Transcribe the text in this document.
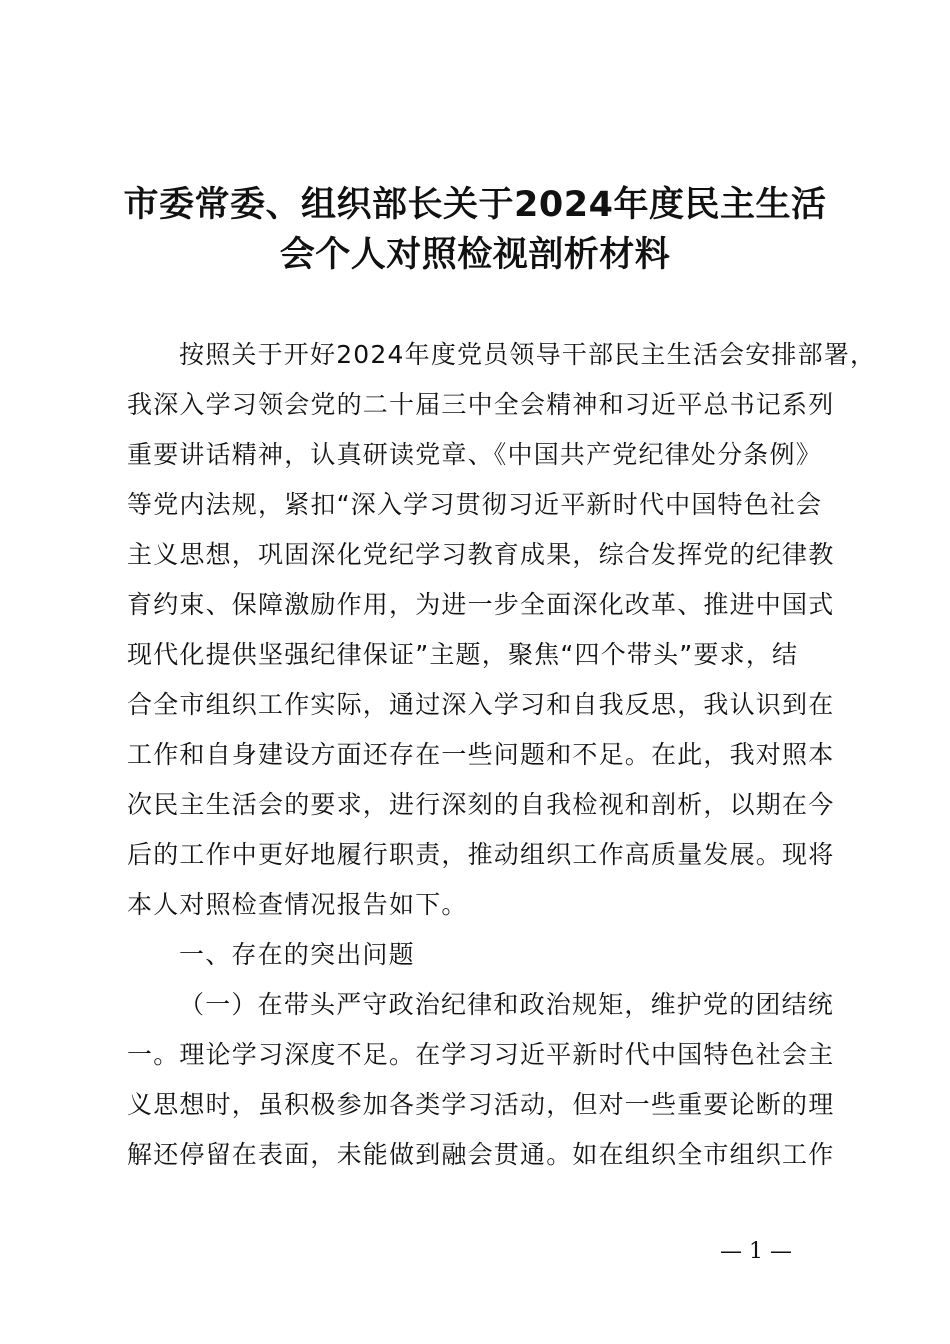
市委常委、组织部长关于2024年度民主生活
会个人对照检视剖析材料
按照关于开好2024年度党员领导干部民主生活会安排部署，
我深入学习领会党的二十届三中全会精神和习近平总书记系列
重要讲话精神，认真研读党章、《中国共产党纪律处分条例》
等党内法规，紧扣“深入学习贯彻习近平新时代中国特色社会
主义思想，巩固深化党纪学习教育成果，综合发挥党的纪律教
育约束、保障激励作用，为进一步全面深化改革、推进中国式
现代化提供坚强纪律保证”主题，聚焦“四个带头”要求，结
合全市组织工作实际，通过深入学习和自我反思，我认识到在
工作和自身建设方面还存在一些问题和不足。在此，我对照本
次民主生活会的要求，进行深刻的自我检视和剖析，以期在今
后的工作中更好地履行职责，推动组织工作高质量发展。现将
本人对照检查情况报告如下。
一、存在的突出问题
（一）在带头严守政治纪律和政治规矩，维护党的团结统
一。理论学习深度不足。在学习习近平新时代中国特色社会主
义思想时，虽积极参加各类学习活动，但对一些重要论断的理
解还停留在表面，未能做到融会贯通。如在组织全市组织工作
— 1 —
